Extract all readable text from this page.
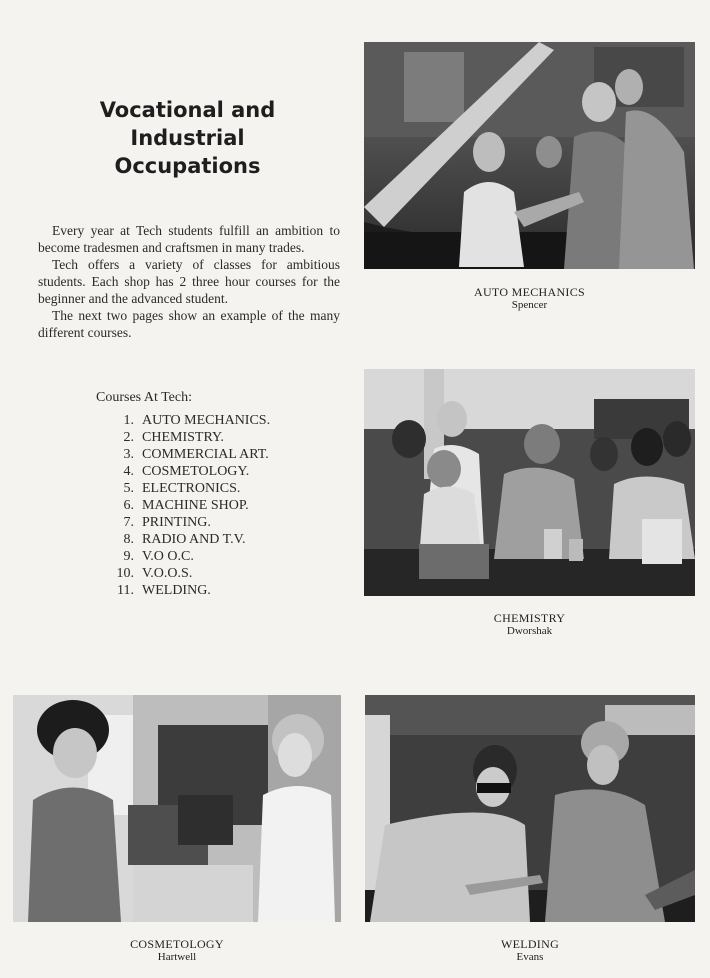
Vocational and Industrial
Occupations

Every year at Tech students fulfill an ambition to become tradesmen and craftsmen in many trades.

Tech offers a variety of classes for ambitious students. Each shop has 2 three hour courses for the beginner and the advanced student.

The next two pages show an example of the many different courses.

Courses At Tech:
1. AUTO MECHANICS.
2. CHEMISTRY.
3. COMMERCIAL ART.
4. COSMETOLOGY.
5. ELECTRONICS.
6. MACHINE SHOP.
7. PRINTING.
8. RADIO AND T.V.
9. V.O O.C.
10. V.O.O.S.
11. WELDING.
AUTO MECHANICS
Spencer
CHEMISTRY
Dworshak
COSMETOLOGY
Hartwell
WELDING
Evans
